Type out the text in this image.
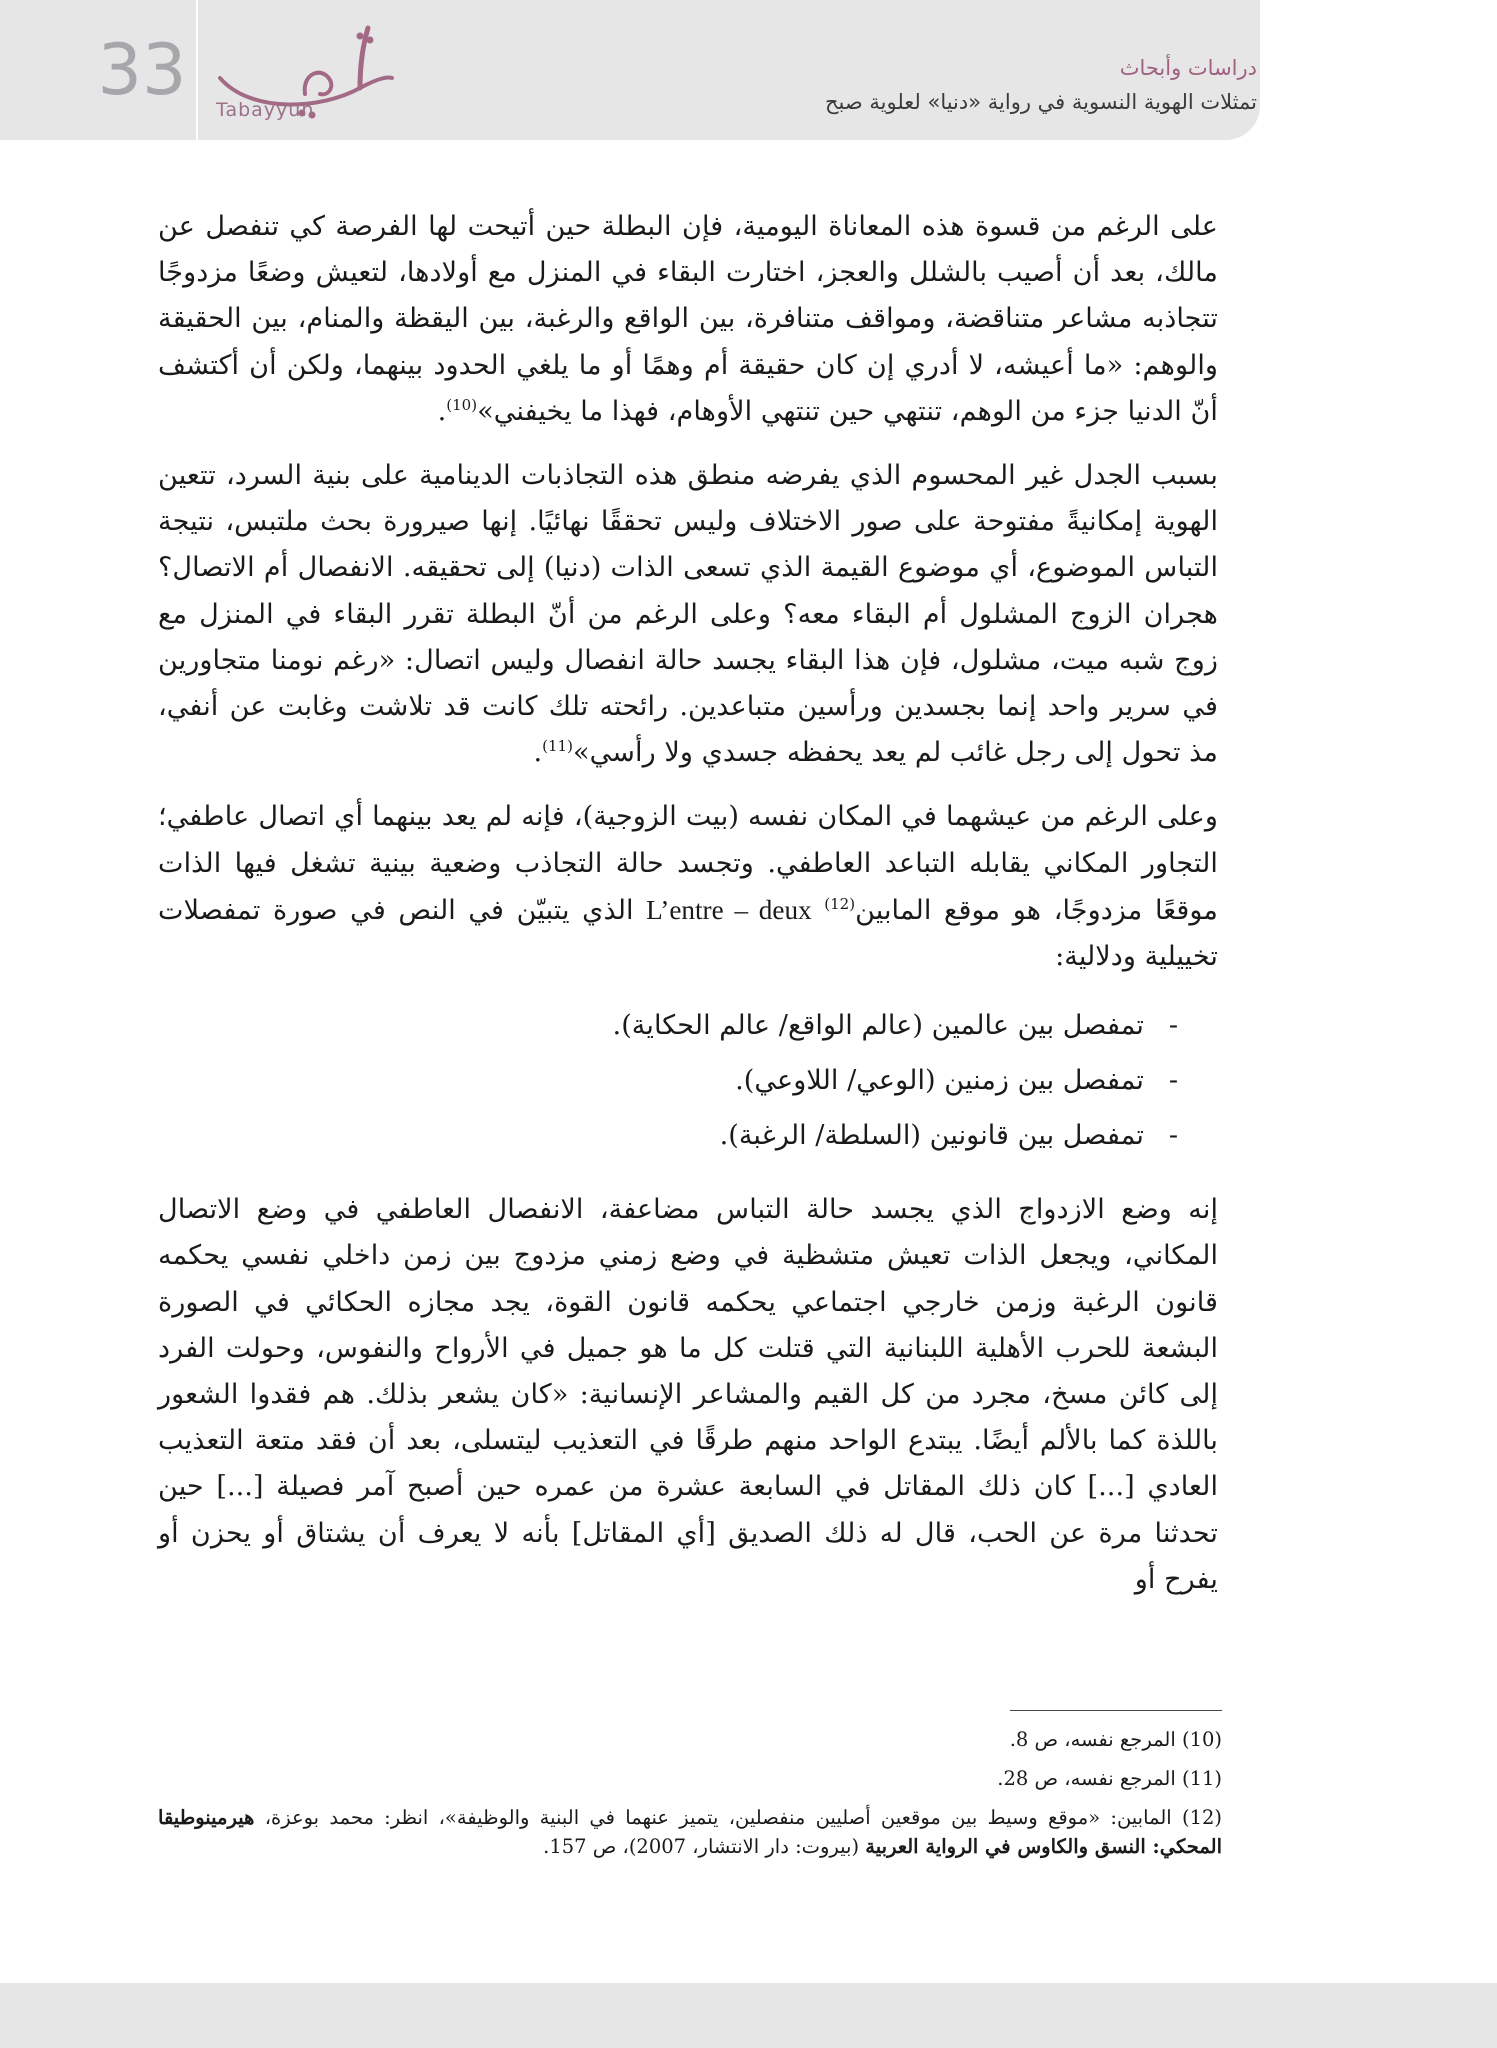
33 Tabayyun
دراسات وأبحاث
تمثلات الهوية النسوية في رواية «دنيا» لعلوية صبح

على الرغم من قسوة هذه المعاناة اليومية، فإن البطلة حين أتيحت لها الفرصة كي تنفصل عن مالك، بعد أن أصيب بالشلل والعجز، اختارت البقاء في المنزل مع أولادها، لتعيش وضعًا مزدوجًا تتجاذبه مشاعر متناقضة، ومواقف متنافرة، بين الواقع والرغبة، بين اليقظة والمنام، بين الحقيقة والوهم: «ما أعيشه، لا أدري إن كان حقيقة أم وهمًا أو ما يلغي الحدود بينهما، ولكن أن أكتشف أنّ الدنيا جزء من الوهم، تنتهي حين تنتهي الأوهام، فهذا ما يخيفني»$^{(10)}$.

بسبب الجدل غير المحسوم الذي يفرضه منطق هذه التجاذبات الدينامية على بنية السرد، تتعين الهوية إمكانيةً مفتوحة على صور الاختلاف وليس تحققًا نهائيًا. إنها صيرورة بحث ملتبس، نتيجة التباس الموضوع، أي موضوع القيمة الذي تسعى الذات (دنيا) إلى تحقيقه. الانفصال أم الاتصال؟ هجران الزوج المشلول أم البقاء معه؟ وعلى الرغم من أنّ البطلة تقرر البقاء في المنزل مع زوج شبه ميت، مشلول، فإن هذا البقاء يجسد حالة انفصال وليس اتصال: «رغم نومنا متجاورين في سرير واحد إنما بجسدين ورأسين متباعدين. رائحته تلك كانت قد تلاشت وغابت عن أنفي، مذ تحول إلى رجل غائب لم يعد يحفظه جسدي ولا رأسي»$^{(11)}$.

وعلى الرغم من عيشهما في المكان نفسه (بيت الزوجية)، فإنه لم يعد بينهما أي اتصال عاطفي؛ التجاور المكاني يقابله التباعد العاطفي. وتجسد حالة التجاذب وضعية بينية تشغل فيها الذات موقعًا مزدوجًا، هو موقع المابين$^{(12)}$ L’entre – deux الذي يتبيّن في النص في صورة تمفصلات تخييلية ودلالية:

- تمفصل بين عالمين (عالم الواقع/ عالم الحكاية).
- تمفصل بين زمنين (الوعي/ اللاوعي).
- تمفصل بين قانونين (السلطة/ الرغبة).

إنه وضع الازدواج الذي يجسد حالة التباس مضاعفة، الانفصال العاطفي في وضع الاتصال المكاني، ويجعل الذات تعيش متشظية في وضع زمني مزدوج بين زمن داخلي نفسي يحكمه قانون الرغبة وزمن خارجي اجتماعي يحكمه قانون القوة، يجد مجازه الحكائي في الصورة البشعة للحرب الأهلية اللبنانية التي قتلت كل ما هو جميل في الأرواح والنفوس، وحولت الفرد إلى كائن مسخ، مجرد من كل القيم والمشاعر الإنسانية: «كان يشعر بذلك. هم فقدوا الشعور باللذة كما بالألم أيضًا. يبتدع الواحد منهم طرقًا في التعذيب ليتسلى، بعد أن فقد متعة التعذيب العادي [...] كان ذلك المقاتل في السابعة عشرة من عمره حين أصبح آمر فصيلة [...] حين تحدثنا مرة عن الحب، قال له ذلك الصديق [أي المقاتل] بأنه لا يعرف أن يشتاق أو يحزن أو يفرح أو

(10) المرجع نفسه، ص 8.

(11) المرجع نفسه، ص 28.

(12) المابين: «موقع وسيط بين موقعين أصليين منفصلين، يتميز عنهما في البنية والوظيفة»، انظر: محمد بوعزة، هيرمينوطيقا المحكي: النسق والكاوس في الرواية العربية (بيروت: دار الانتشار، 2007)، ص 157.
